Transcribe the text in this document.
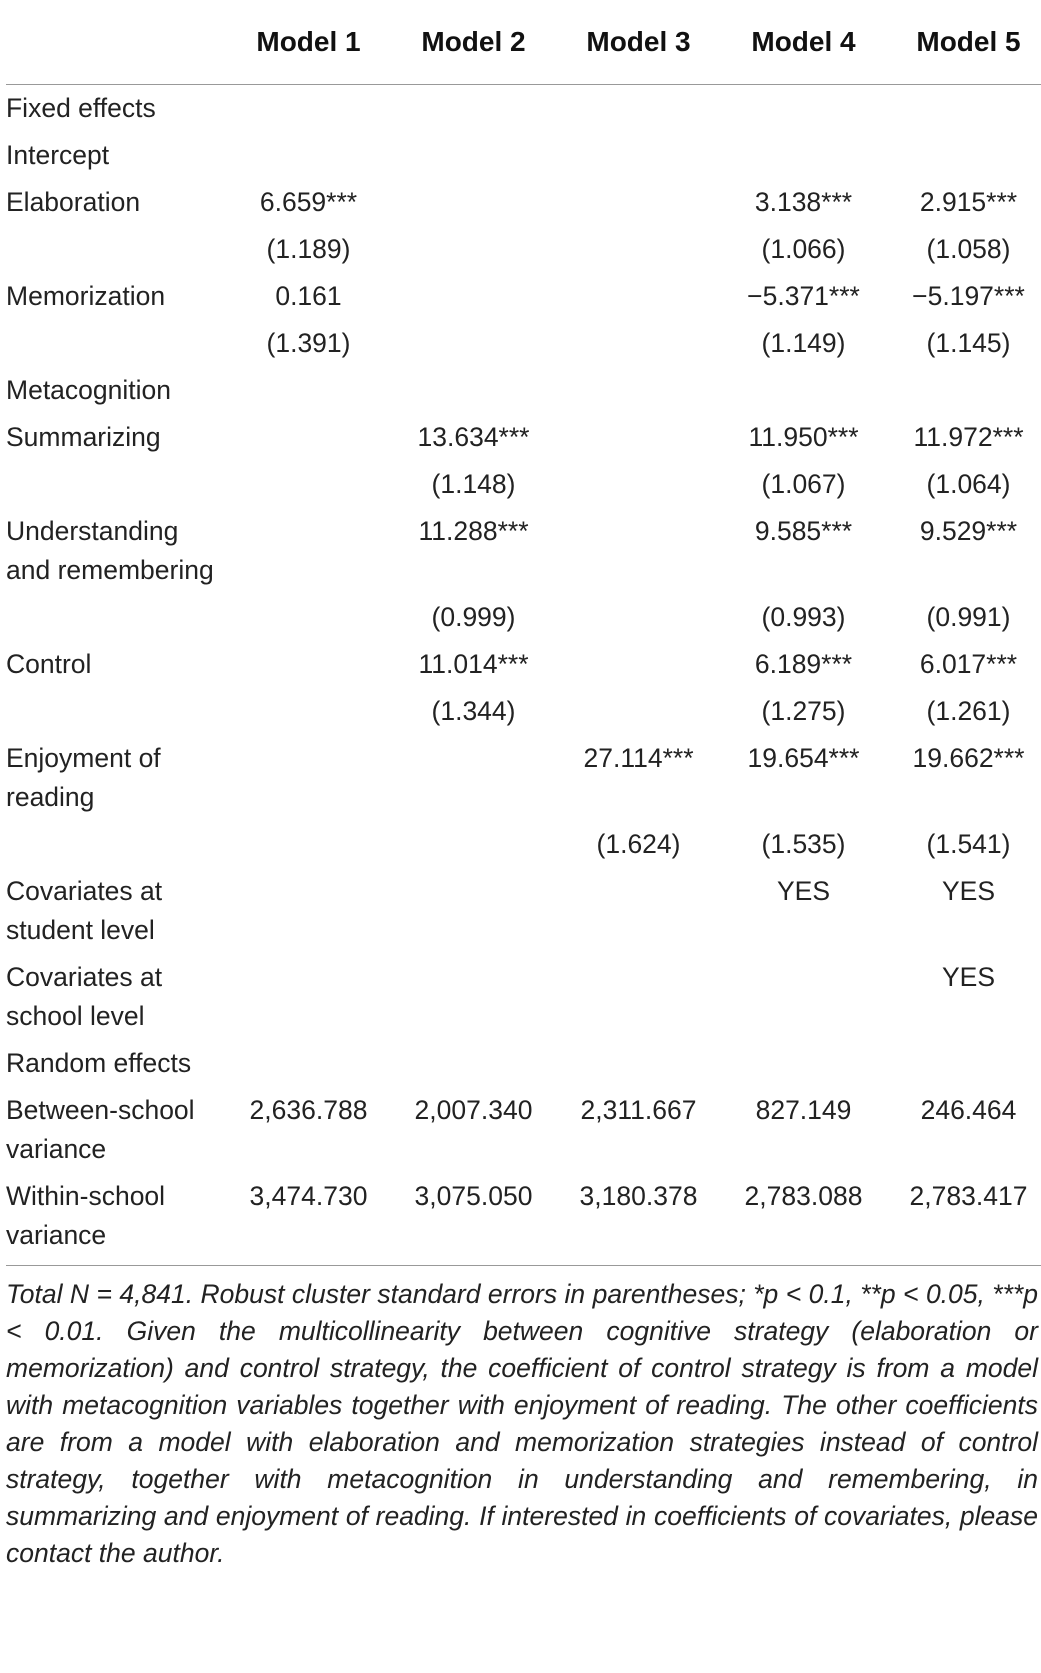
	Model 1	Model 2	Model 3	Model 4	Model 5
Fixed effects					
Intercept					
Elaboration	6.659***			3.138***	2.915***
	(1.189)			(1.066)	(1.058)
Memorization	0.161			−5.371***	−5.197***
	(1.391)			(1.149)	(1.145)
Metacognition					
Summarizing		13.634***		11.950***	11.972***
		(1.148)		(1.067)	(1.064)
Understanding and remembering		11.288***		9.585***	9.529***
		(0.999)		(0.993)	(0.991)
Control		11.014***		6.189***	6.017***
		(1.344)		(1.275)	(1.261)
Enjoyment of reading			27.114***	19.654***	19.662***
			(1.624)	(1.535)	(1.541)
Covariates at student level				YES	YES
Covariates at school level					YES
Random effects					
Between-school variance	2,636.788	2,007.340	2,311.667	827.149	246.464
Within-school variance	3,474.730	3,075.050	3,180.378	2,783.088	2,783.417

Total N = 4,841. Robust cluster standard errors in parentheses; *p < 0.1, **p < 0.05, ***p < 0.01. Given the multicollinearity between cognitive strategy (elaboration or memorization) and control strategy, the coefficient of control strategy is from a model with metacognition variables together with enjoyment of reading. The other coefficients are from a model with elaboration and memorization strategies instead of control strategy, together with metacognition in understanding and remembering, in summarizing and enjoyment of reading. If interested in coefficients of covariates, please contact the author.
